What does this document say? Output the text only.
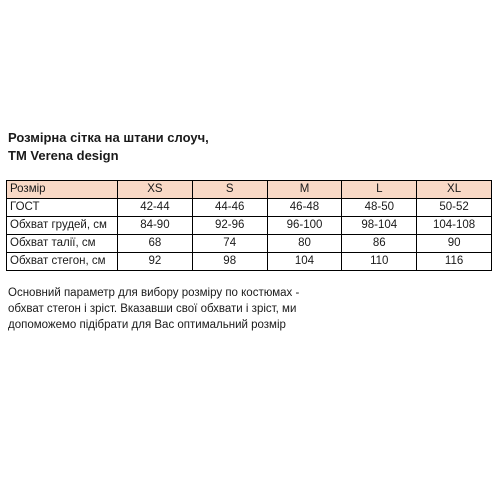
Розмірна сітка на штани слоуч,
TM Verena design
Розмір	XS	S	M	L	XL
ГОСТ	42-44	44-46	46-48	48-50	50-52
Обхват грудей, см	84-90	92-96	96-100	98-104	104-108
Обхват талії, см	68	74	80	86	90
Обхват стегон, см	92	98	104	110	116

Основний параметр для вибору розміру по костюмах -
обхват стегон і зріст. Вказавши свої обхвати і зріст, ми
допоможемо підібрати для Вас оптимальний розмір
